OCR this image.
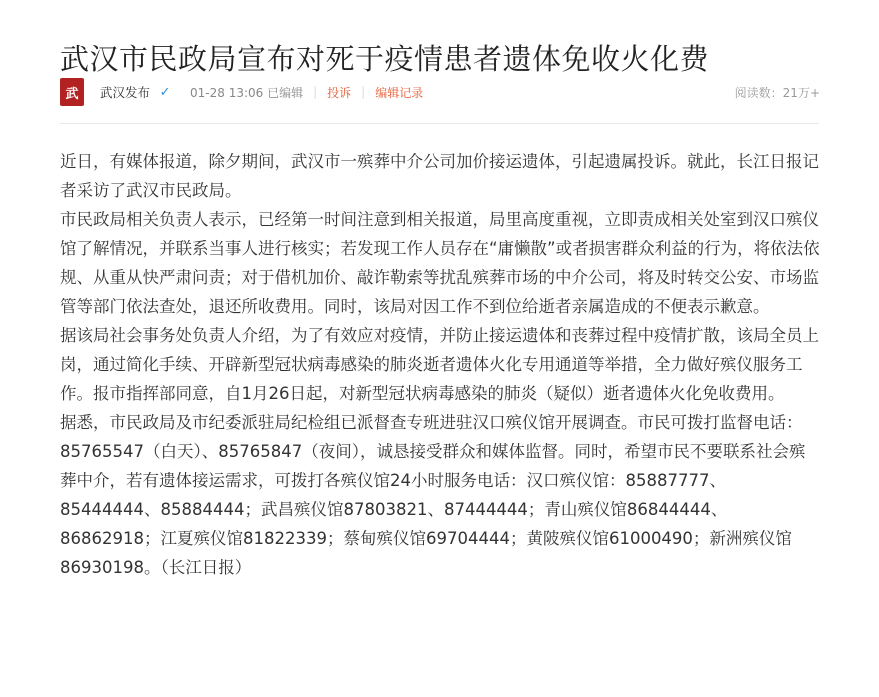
武汉市民政局宣布对死于疫情患者遗体免收火化费
武	武汉发布 ✓ 01-28 13:06 已编辑 | 投诉 | 编辑记录	阅读数：21万+

近日，有媒体报道，除夕期间，武汉市一殡葬中介公司加价接运遗体，引起遗属投诉。就此，长江日报记者采访了武汉市民政局。

市民政局相关负责人表示，已经第一时间注意到相关报道，局里高度重视，立即责成相关处室到汉口殡仪馆了解情况，并联系当事人进行核实；若发现工作人员存在“庸懒散”或者损害群众利益的行为，将依法依规、从重从快严肃问责；对于借机加价、敲诈勒索等扰乱殡葬市场的中介公司，将及时转交公安、市场监管等部门依法查处，退还所收费用。同时，该局对因工作不到位给逝者亲属造成的不便表示歉意。

据该局社会事务处负责人介绍，为了有效应对疫情，并防止接运遗体和丧葬过程中疫情扩散，该局全员上岗，通过简化手续、开辟新型冠状病毒感染的肺炎逝者遗体火化专用通道等举措，全力做好殡仪服务工作。报市指挥部同意，自1月26日起，对新型冠状病毒感染的肺炎（疑似）逝者遗体火化免收费用。

据悉，市民政局及市纪委派驻局纪检组已派督查专班进驻汉口殡仪馆开展调查。市民可拨打监督电话：85765547（白天）、85765847（夜间），诚恳接受群众和媒体监督。同时，希望市民不要联系社会殡葬中介，若有遗体接运需求，可拨打各殡仪馆24小时服务电话：汉口殡仪馆：85887777、85444444、85884444；武昌殡仪馆87803821、87444444；青山殡仪馆86844444、86862918；江夏殡仪馆81822339；蔡甸殡仪馆69704444；黄陂殡仪馆61000490；新洲殡仪馆86930198。（长江日报）
